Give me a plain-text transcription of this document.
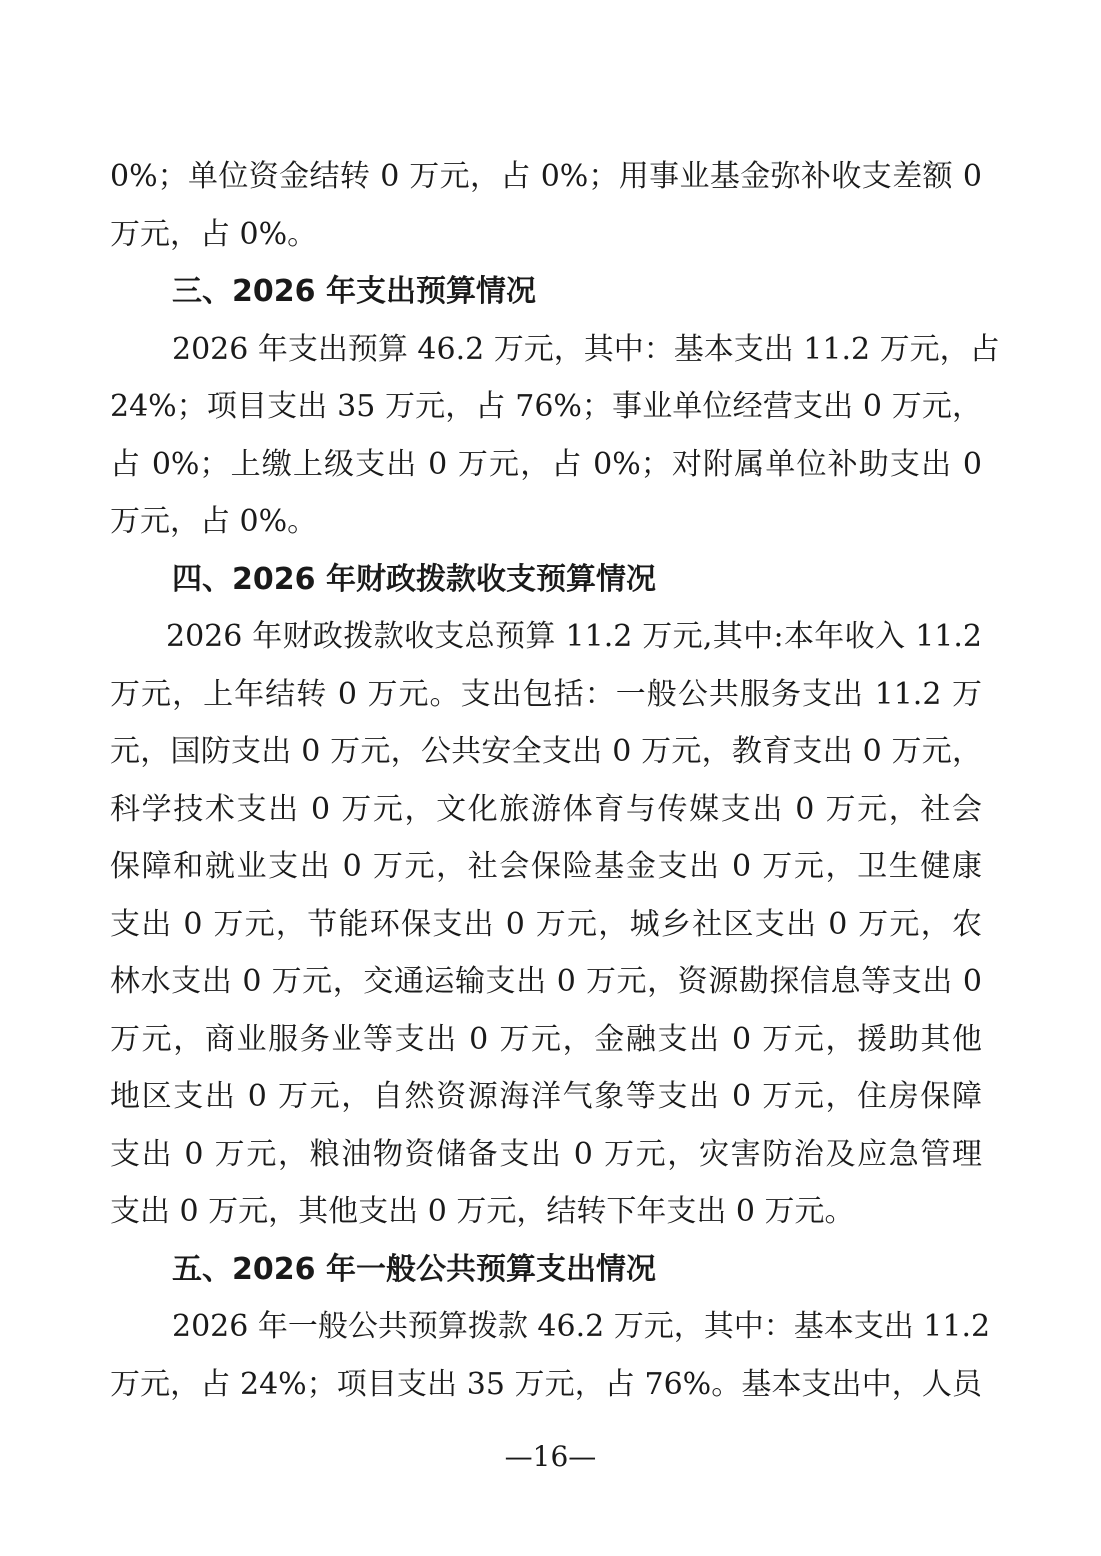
0%；单位资金结转 0 万元，占 0%；用事业基金弥补收支差额 0
万元，占 0%。
三、2026 年支出预算情况
2026 年支出预算 46.2 万元，其中：基本支出 11.2 万元，占
24%；项目支出 35 万元，占 76%；事业单位经营支出 0 万元，
占 0%；上缴上级支出 0 万元，占 0%；对附属单位补助支出 0
万元，占 0%。
四、2026 年财政拨款收支预算情况
2026 年财政拨款收支总预算 11.2 万元,其中:本年收入 11.2
万元，上年结转 0 万元。支出包括：一般公共服务支出 11.2 万
元，国防支出 0 万元，公共安全支出 0 万元，教育支出 0 万元，
科学技术支出 0 万元，文化旅游体育与传媒支出 0 万元，社会
保障和就业支出 0 万元，社会保险基金支出 0 万元，卫生健康
支出 0 万元，节能环保支出 0 万元，城乡社区支出 0 万元，农
林水支出 0 万元，交通运输支出 0 万元，资源勘探信息等支出 0
万元，商业服务业等支出 0 万元，金融支出 0 万元，援助其他
地区支出 0 万元，自然资源海洋气象等支出 0 万元，住房保障
支出 0 万元，粮油物资储备支出 0 万元，灾害防治及应急管理
支出 0 万元，其他支出 0 万元，结转下年支出 0 万元。
五、2026 年一般公共预算支出情况
2026 年一般公共预算拨款 46.2 万元，其中：基本支出 11.2
万元，占 24%；项目支出 35 万元，占 76%。基本支出中，人员
—16—
